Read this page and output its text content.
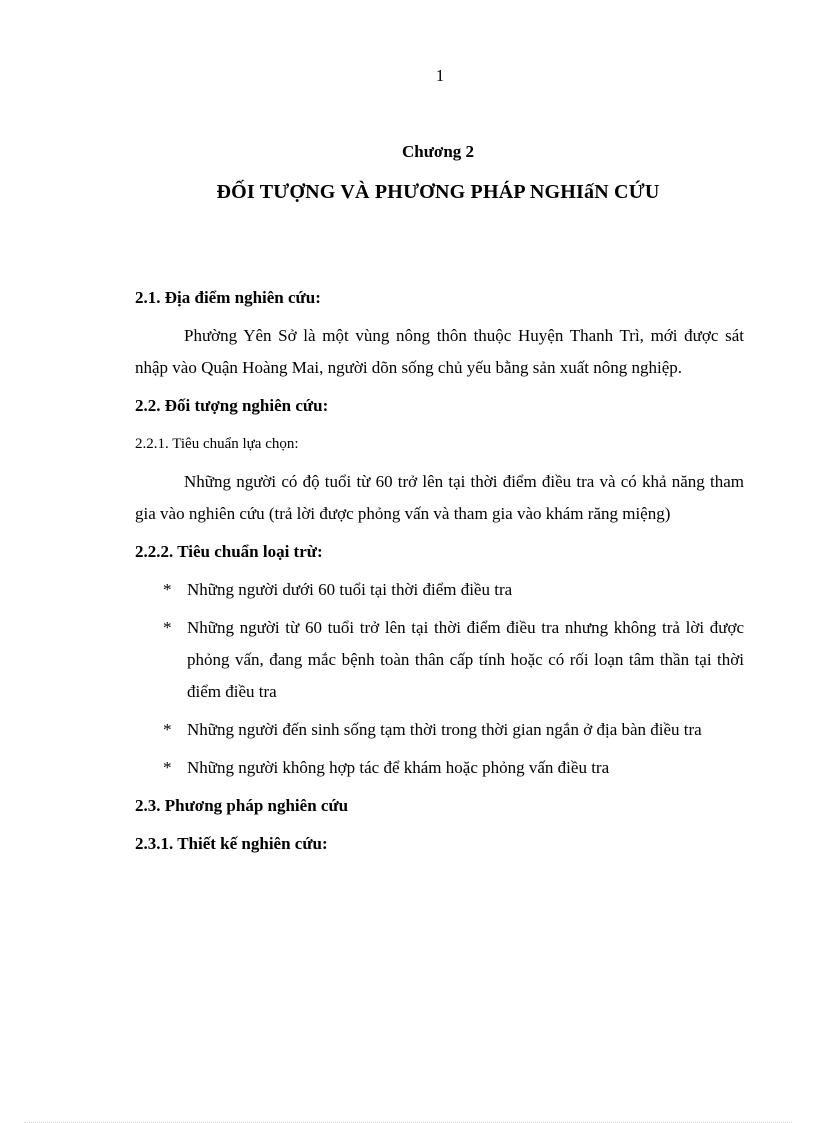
1
Chương 2
ĐỐI TƯỢNG VÀ PHƯƠNG PHÁP NGHIấN CỨU
2.1. Địa điểm nghiên cứu:

Phường Yên Sở là một vùng nông thôn thuộc Huyện Thanh Trì, mới được sát nhập vào Quận Hoàng Mai, người dõn sống chủ yếu bằng sản xuất nông nghiệp.

2.2. Đối tượng nghiên cứu:
2.2.1. Tiêu chuẩn lựa chọn:

Những người có độ tuổi từ 60 trở lên tại thời điểm điều tra và có khả năng tham gia vào nghiên cứu (trả lời được phỏng vấn và tham gia vào khám răng miệng)

2.2.2. Tiêu chuẩn loại trừ:
* Những người dưới 60 tuổi tại thời điểm điều tra
* Những người từ 60 tuổi trở lên tại thời điểm điều tra nhưng không trả lời được phỏng vấn, đang mắc bệnh toàn thân cấp tính hoặc có rối loạn tâm thần tại thời điểm điều tra
* Những người đến sinh sống tạm thời trong thời gian ngắn ở địa bàn điều tra
* Những người không hợp tác để khám hoặc phỏng vấn điều tra
2.3. Phương pháp nghiên cứu
2.3.1. Thiết kế nghiên cứu:
